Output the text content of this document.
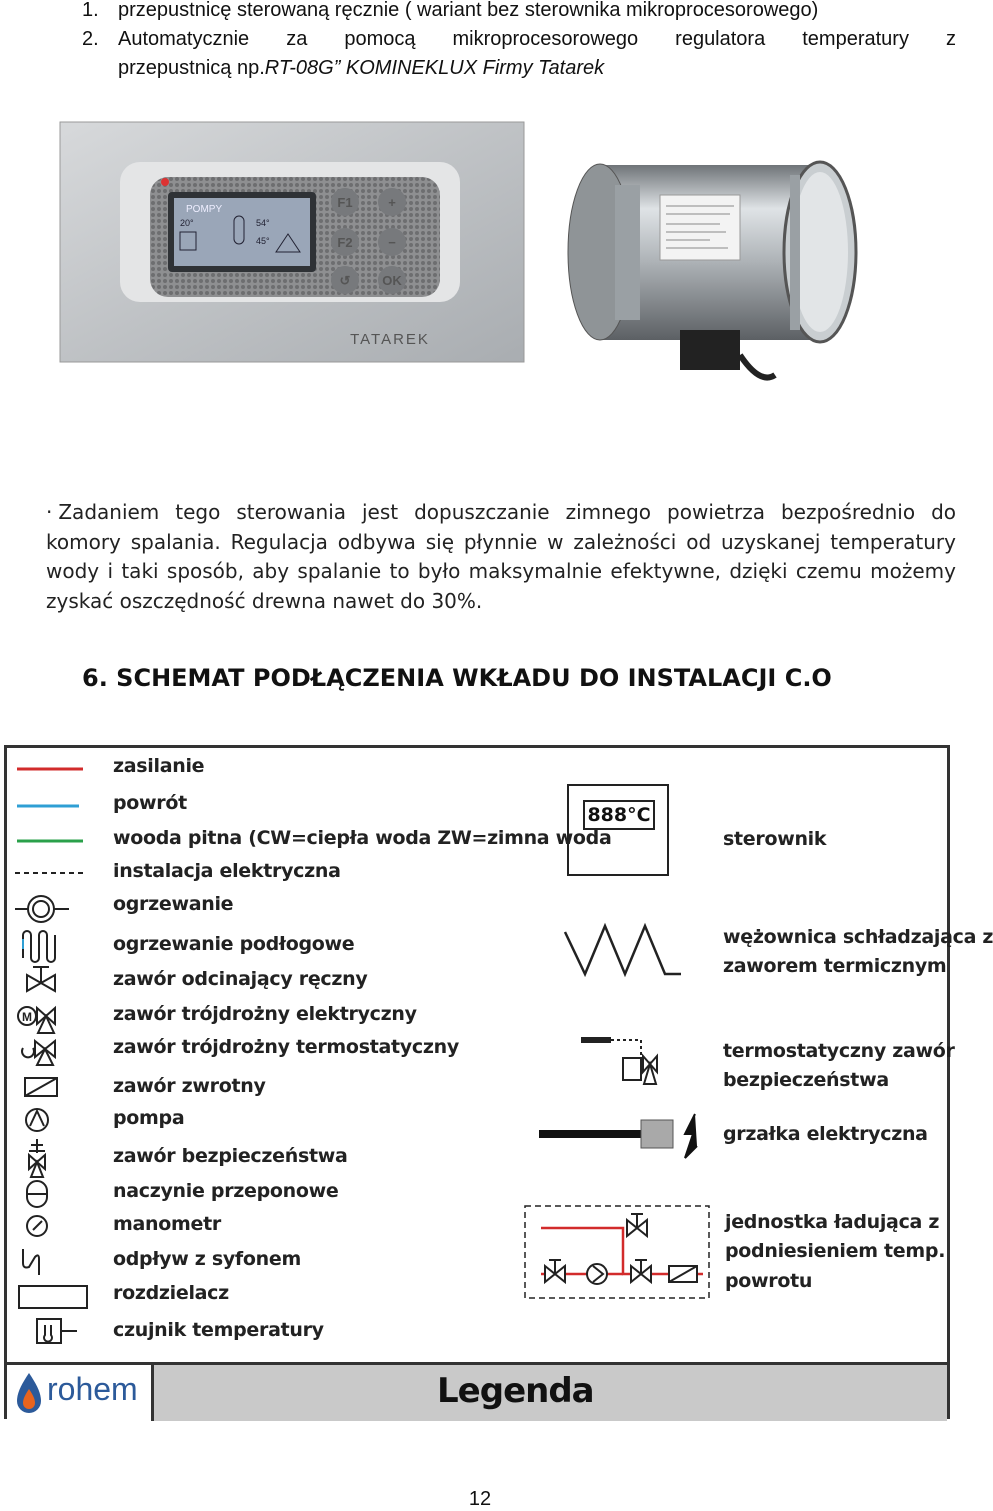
1. przepustnicę sterowaną ręcznie ( wariant bez sterownika mikroprocesorowego)
2. Automatycznie za pomocą mikroprocesorowego regulatora temperatury z
przepustnicą np.RT-08G” KOMINEKLUX Firmy Tatarek
POMPY
20°	54°
45°
F1	+
F2	−
↺ OK
TATAREK
· Zadaniem tego sterowania jest dopuszczanie zimnego powietrza bezpośrednio do komory spalania. Regulacja odbywa się płynnie w zależności od uzyskanej temperatury wody i taki sposób, aby spalanie to było maksymalnie efektywne, dzięki czemu możemy zyskać oszczędność drewna nawet do 30%.
6. SCHEMAT PODŁĄCZENIA WKŁADU DO INSTALACJI C.O
M
zasilanie
powrót
wooda pitna (CW=ciepła woda ZW=zimna woda
instalacja elektryczna
ogrzewanie
ogrzewanie podłogowe
zawór odcinający ręczny
zawór trójdrożny elektryczny
zawór trójdrożny termostatyczny
zawór zwrotny
pompa
zawór bezpieczeństwa
naczynie przeponowe
manometr
odpływ z syfonem
rozdzielacz
czujnik temperatury
888°C
sterownik
wężownica schładzająca z
zaworem termicznym
termostatyczny zawór
bezpieczeństwa
grzałka elektryczna
jednostka ładująca z
podniesieniem temp.
powrotu
rohem	Legenda
12
